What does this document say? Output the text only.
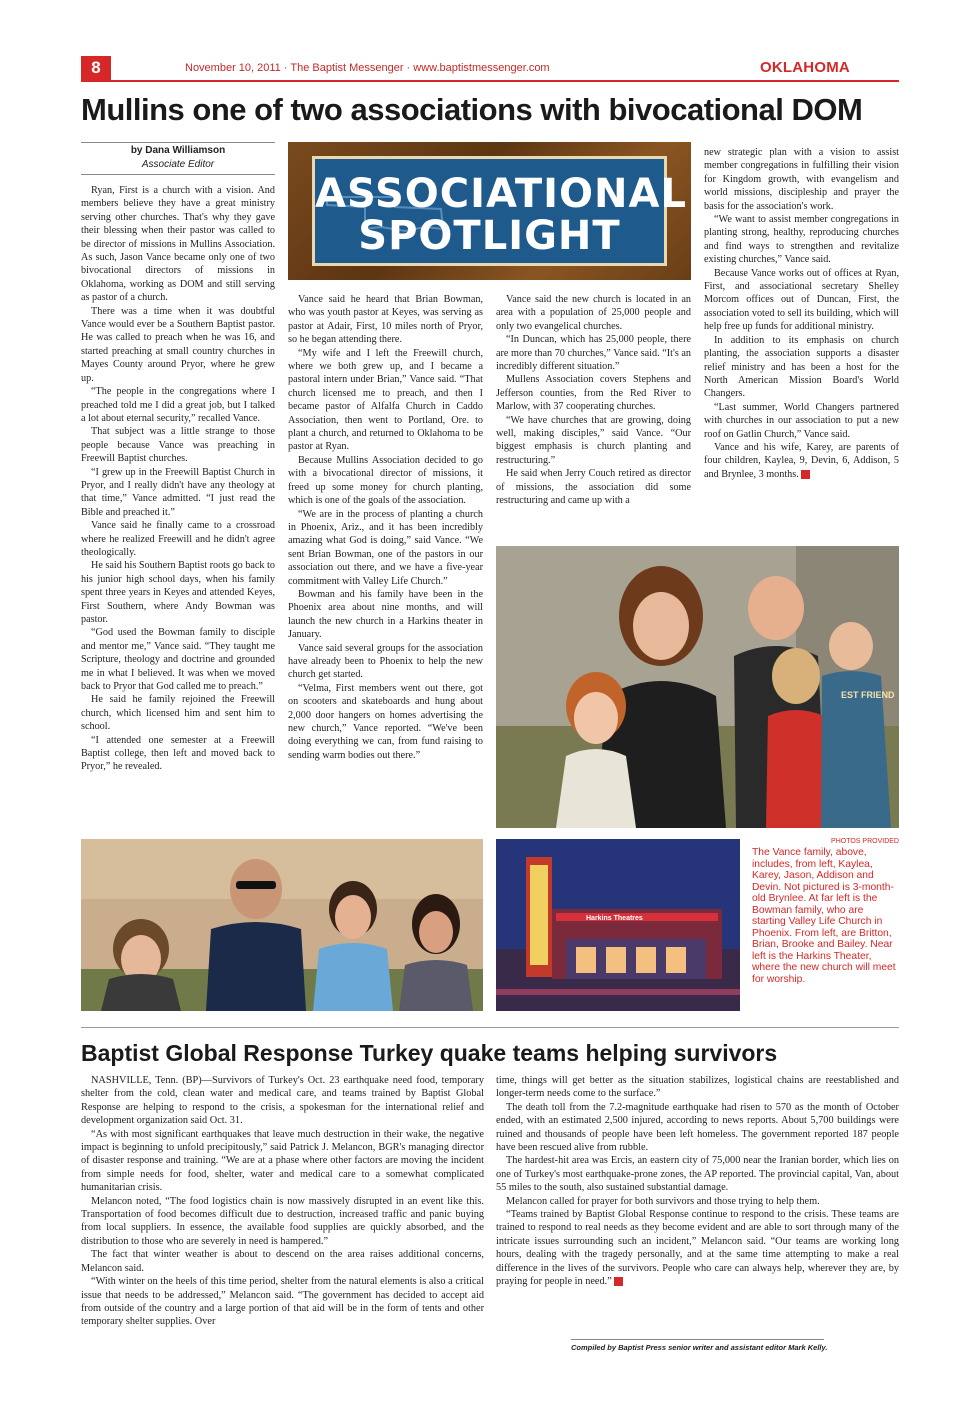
8	November 10, 2011 · The Baptist Messenger · www.baptistmessenger.com	OKLAHOMA
Mullins one of two associations with bivocational DOM
by Dana Williamson
Associate Editor
ASSOCIATIONAL
SPOTLIGHT

Ryan, First is a church with a vision. And members believe they have a great ministry serving other churches. That's why they gave their blessing when their pastor was called to be director of missions in Mullins Association. As such, Jason Vance became only one of two bivocational directors of missions in Oklahoma, working as DOM and still serving as pastor of a church.

There was a time when it was doubtful Vance would ever be a Southern Baptist pastor. He was called to preach when he was 16, and started preaching at small country churches in Mayes County around Pryor, where he grew up.

“The people in the congregations where I preached told me I did a great job, but I talked a lot about eternal security,” recalled Vance.

That subject was a little strange to those people because Vance was preaching in Freewill Baptist churches.

“I grew up in the Freewill Baptist Church in Pryor, and I really didn't have any theology at that time,” Vance admitted. “I just read the Bible and preached it.”

Vance said he finally came to a crossroad where he realized Freewill and he didn't agree theologically.

He said his Southern Baptist roots go back to his junior high school days, when his family spent three years in Keyes and attended Keyes, First Southern, where Andy Bowman was pastor.

“God used the Bowman family to disciple and mentor me,” Vance said. “They taught me Scripture, theology and doctrine and grounded me in what I believed. It was when we moved back to Pryor that God called me to preach.”

He said he family rejoined the Freewill church, which licensed him and sent him to school.

“I attended one semester at a Freewill Baptist college, then left and moved back to Pryor,” he revealed.

Vance said he heard that Brian Bowman, who was youth pastor at Keyes, was serving as pastor at Adair, First, 10 miles north of Pryor, so he began attending there.

“My wife and I left the Freewill church, where we both grew up, and I became a pastoral intern under Brian,” Vance said. “That church licensed me to preach, and then I became pastor of Alfalfa Church in Caddo Association, then went to Portland, Ore. to plant a church, and returned to Oklahoma to be pastor at Ryan.

Because Mullins Association decided to go with a bivocational director of missions, it freed up some money for church planting, which is one of the goals of the association.

“We are in the process of planting a church in Phoenix, Ariz., and it has been incredibly amazing what God is doing,” said Vance. “We sent Brian Bowman, one of the pastors in our association out there, and we have a five-year commitment with Valley Life Church.”

Bowman and his family have been in the Phoenix area about nine months, and will launch the new church in a Harkins theater in January.

Vance said several groups for the association have already been to Phoenix to help the new church get started.

“Velma, First members went out there, got on scooters and skateboards and hung about 2,000 door hangers on homes advertising the new church,” Vance reported. “We've been doing everything we can, from fund raising to sending warm bodies out there.”

Vance said the new church is located in an area with a population of 25,000 people and only two evangelical churches.

“In Duncan, which has 25,000 people, there are more than 70 churches,” Vance said. “It's an incredibly different situation.”

Mullens Association covers Stephens and Jefferson counties, from the Red River to Marlow, with 37 cooperating churches.

“We have churches that are growing, doing well, making disciples,” said Vance. “Our biggest emphasis is church planting and restructuring.”

He said when Jerry Couch retired as director of missions, the association did some restructuring and came up with a

new strategic plan with a vision to assist member congregations in fulfilling their vision for Kingdom growth, with evangelism and world missions, discipleship and prayer the basis for the association's work.

“We want to assist member congregations in planting strong, healthy, reproducing churches and find ways to strengthen and revitalize existing churches,” Vance said.

Because Vance works out of offices at Ryan, First, and associational secretary Shelley Morcom offices out of Duncan, First, the association voted to sell its building, which will help free up funds for additional ministry.

In addition to its emphasis on church planting, the association supports a disaster relief ministry and has been a host for the North American Mission Board's World Changers.

“Last summer, World Changers partnered with churches in our association to put a new roof on Gatlin Church,” Vance said.

Vance and his wife, Karey, are parents of four children, Kaylea, 9, Devin, 6, Addison, 5 and Brynlee, 3 months. M

EST FRIEND
Harkins Theatres
PHOTOS PROVIDED
The Vance family, above, includes, from left, Kaylea, Karey, Jason, Addison and Devin. Not pictured is 3-month-old Brynlee. At far left is the Bowman family, who are starting Valley Life Church in Phoenix. From left, are Britton, Brian, Brooke and Bailey. Near left is the Harkins Theater, where the new church will meet for worship.
Baptist Global Response Turkey quake teams helping survivors

NASHVILLE, Tenn. (BP)—Survivors of Turkey's Oct. 23 earthquake need food, temporary shelter from the cold, clean water and medical care, and teams trained by Baptist Global Response are helping to respond to the crisis, a spokesman for the international relief and development organization said Oct. 31.

“As with most significant earthquakes that leave much destruction in their wake, the negative impact is beginning to unfold precipitously,” said Patrick J. Melancon, BGR's managing director of disaster response and training. “We are at a phase where other factors are moving the incident from simple needs for food, shelter, water and medical care to a somewhat complicated humanitarian crisis.

Melancon noted, “The food logistics chain is now massively disrupted in an event like this. Transportation of food becomes difficult due to destruction, increased traffic and panic buying from local suppliers. In essence, the available food supplies are quickly absorbed, and the distribution to those who are severely in need is hampered.”

The fact that winter weather is about to descend on the area raises additional concerns, Melancon said.

“With winter on the heels of this time period, shelter from the natural elements is also a critical issue that needs to be addressed,” Melancon said. “The government has decided to accept aid from outside of the country and a large portion of that aid will be in the form of tents and other temporary shelter supplies. Over

time, things will get better as the situation stabilizes, logistical chains are reestablished and longer-term needs come to the surface.”

The death toll from the 7.2-magnitude earthquake had risen to 570 as the month of October ended, with an estimated 2,500 injured, according to news reports. About 5,700 buildings were ruined and thousands of people have been left homeless. The government reported 187 people have been rescued alive from rubble.

The hardest-hit area was Ercis, an eastern city of 75,000 near the Iranian border, which lies on one of Turkey's most earthquake-prone zones, the AP reported. The provincial capital, Van, about 55 miles to the south, also sustained substantial damage.

Melancon called for prayer for both survivors and those trying to help them.

“Teams trained by Baptist Global Response continue to respond to the crisis. These teams are trained to respond to real needs as they become evident and are able to sort through many of the intricate issues surrounding such an incident,” Melancon said. “Our teams are working long hours, dealing with the tragedy personally, and at the same time attempting to make a real difference in the lives of the survivors. People who care can always help, wherever they are, by praying for people in need.” M

Compiled by Baptist Press senior writer and assistant editor Mark Kelly.
